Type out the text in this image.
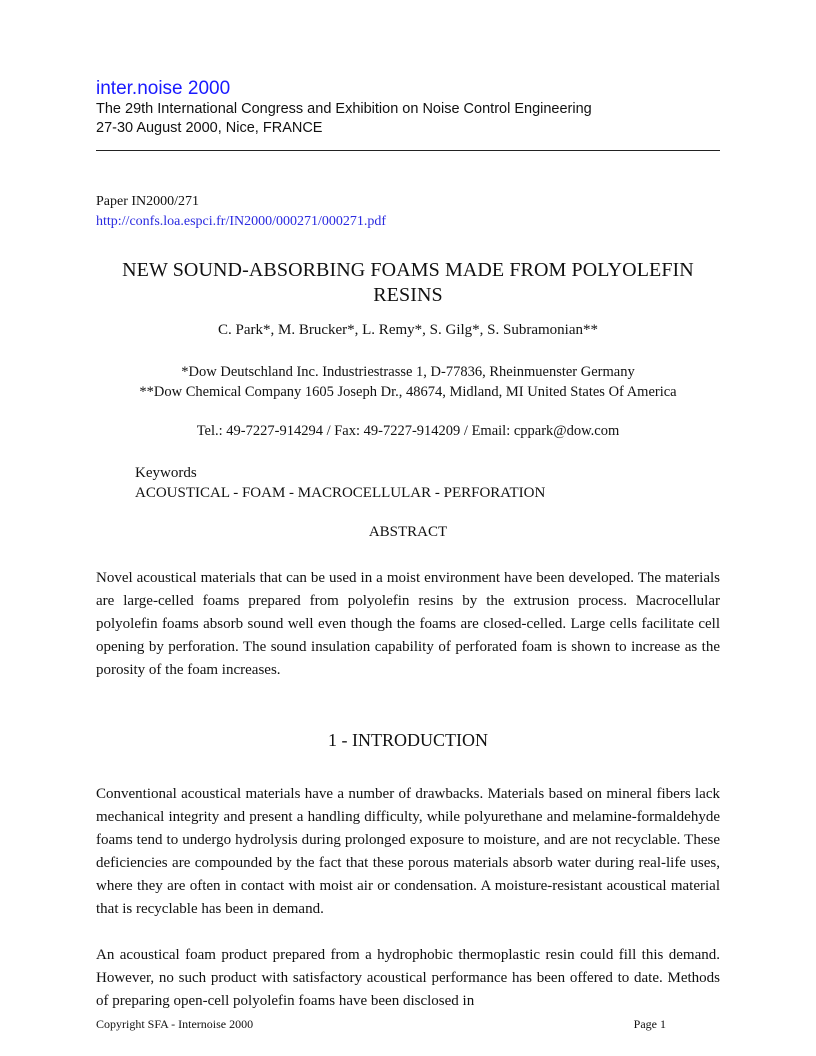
inter.noise 2000
The 29th International Congress and Exhibition on Noise Control Engineering
27-30 August 2000, Nice, FRANCE
Paper IN2000/271
http://confs.loa.espci.fr/IN2000/000271/000271.pdf
NEW SOUND-ABSORBING FOAMS MADE FROM POLYOLEFIN RESINS
C. Park*, M. Brucker*, L. Remy*, S. Gilg*, S. Subramonian**
*Dow Deutschland Inc. Industriestrasse 1, D-77836, Rheinmuenster Germany
**Dow Chemical Company 1605 Joseph Dr., 48674, Midland, MI United States Of America
Tel.: 49-7227-914294 / Fax: 49-7227-914209 / Email: cppark@dow.com
Keywords
ACOUSTICAL - FOAM - MACROCELLULAR - PERFORATION
ABSTRACT
Novel acoustical materials that can be used in a moist environment have been developed. The materials are large-celled foams prepared from polyolefin resins by the extrusion process. Macrocellular polyolefin foams absorb sound well even though the foams are closed-celled. Large cells facilitate cell opening by perforation. The sound insulation capability of perforated foam is shown to increase as the porosity of the foam increases.
1 - INTRODUCTION
Conventional acoustical materials have a number of drawbacks. Materials based on mineral fibers lack mechanical integrity and present a handling difficulty, while polyurethane and melamine-formaldehyde foams tend to undergo hydrolysis during prolonged exposure to moisture, and are not recyclable. These deficiencies are compounded by the fact that these porous materials absorb water during real-life uses, where they are often in contact with moist air or condensation. A moisture-resistant acoustical material that is recyclable has been in demand.
An acoustical foam product prepared from a hydrophobic thermoplastic resin could fill this demand. However, no such product with satisfactory acoustical performance has been offered to date. Methods of preparing open-cell polyolefin foams have been disclosed in
Copyright SFA - Internoise 2000	Page 1
